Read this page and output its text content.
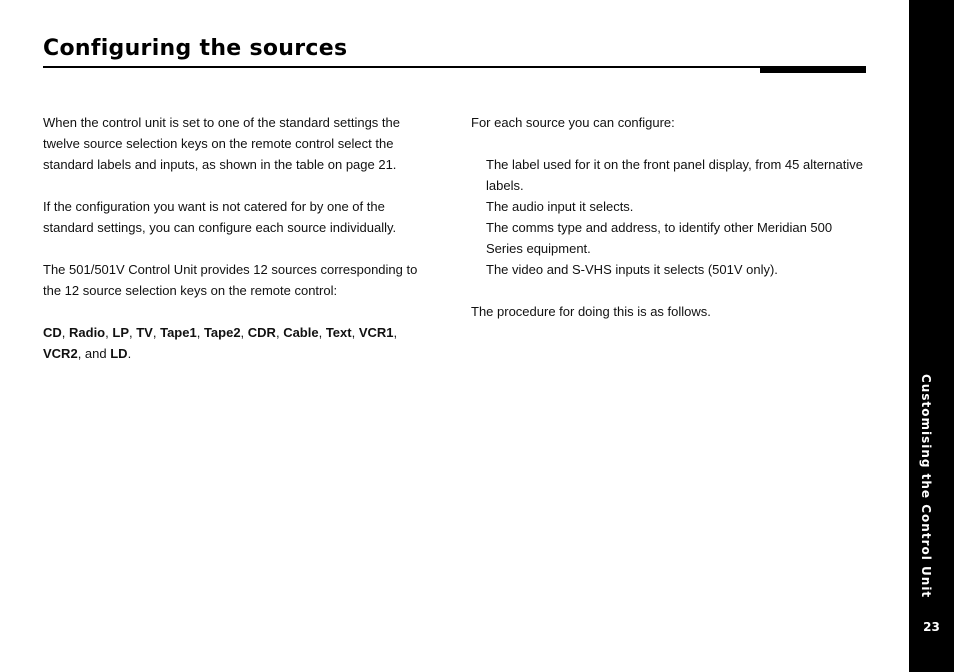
Configuring the sources

When the control unit is set to one of the standard settings the twelve source selection keys on the remote control select the standard labels and inputs, as shown in the table on page 21.

If the configuration you want is not catered for by one of the standard settings, you can configure each source individually.

The 501/501V Control Unit provides 12 sources corresponding to the 12 source selection keys on the remote control:

CD, Radio, LP, TV, Tape1, Tape2, CDR, Cable, Text, VCR1, VCR2, and LD.

For each source you can configure:

The label used for it on the front panel display, from 45 alternative labels.
The audio input it selects.
The comms type and address, to identify other Meridian 500 Series equipment.
The video and S-VHS inputs it selects (501V only).

The procedure for doing this is as follows.

Customising the Control Unit
23
